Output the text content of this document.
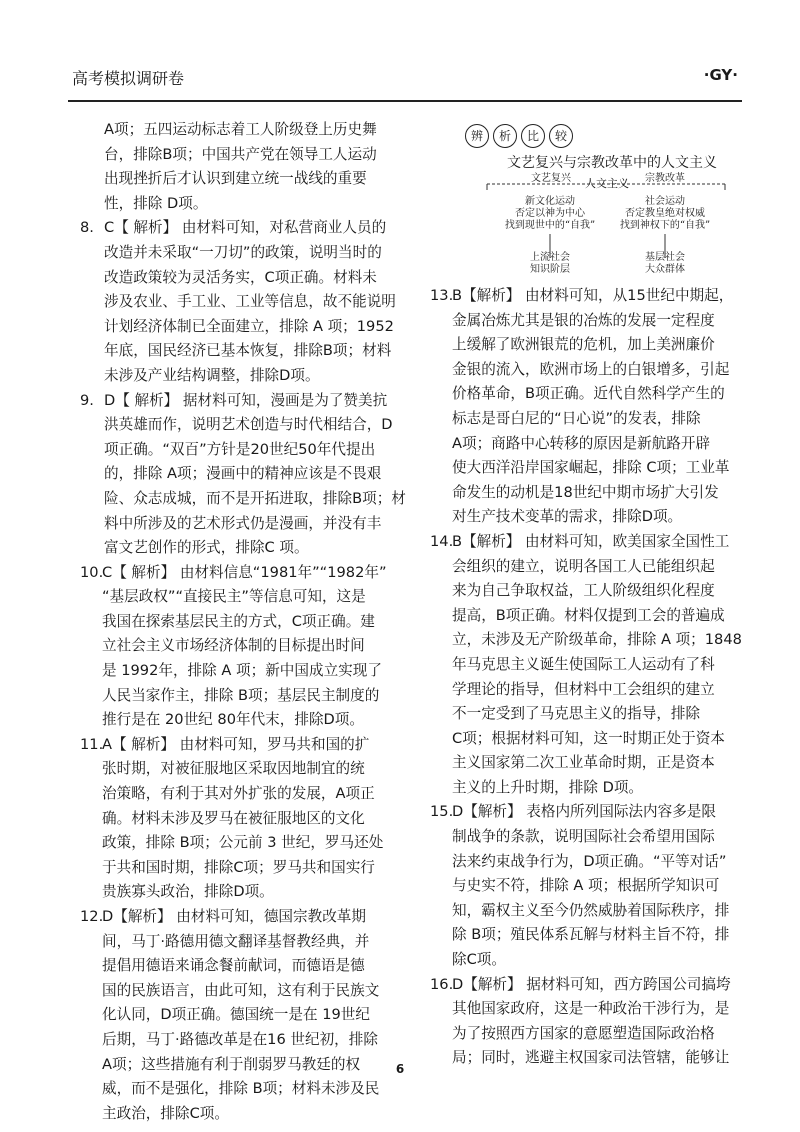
高考模拟调研卷	·GY·
A项；五四运动标志着工人阶级登上历史舞
台，排除B项；中国共产党在领导工人运动
出现挫折后才认识到建立统一战线的重要
性，排除 D项。
8. C【 解析】 由材料可知，对私营商业人员的
改造并未采取“一刀切”的政策，说明当时的
改造政策较为灵活务实，C项正确。材料未
涉及农业、手工业、工业等信息，故不能说明
计划经济体制已全面建立，排除 A 项；1952
年底，国民经济已基本恢复，排除B项；材料
未涉及产业结构调整，排除D项。
9. D【 解析】 据材料可知，漫画是为了赞美抗
洪英雄而作，说明艺术创造与时代相结合，D
项正确。“双百”方针是20世纪50年代提出
的，排除 A项；漫画中的精神应该是不畏艰
险、众志成城，而不是开拓进取，排除B项；材
料中所涉及的艺术形式仍是漫画，并没有丰
富文艺创作的形式，排除C 项。
10.
C【 解析】 由材料信息“1981年”“1982年”
“基层政权”“直接民主”等信息可知，这是
我国在探索基层民主的方式，C项正确。建
立社会主义市场经济体制的目标提出时间
是 1992年，排除 A 项；新中国成立实现了
人民当家作主，排除 B项；基层民主制度的
推行是在 20世纪 80年代末，排除D项。
11.
A【 解析】 由材料可知，罗马共和国的扩
张时期，对被征服地区采取因地制宜的统
治策略，有利于其对外扩张的发展，A项正
确。材料未涉及罗马在被征服地区的文化
政策，排除 B项；公元前 3 世纪，罗马还处
于共和国时期，排除C项；罗马共和国实行
贵族寡头政治，排除D项。
12.
D【解析】 由材料可知，德国宗教改革期
间，马丁·路德用德文翻译基督教经典，并
提倡用德语来诵念餐前献词，而德语是德
国的民族语言，由此可知，这有利于民族文
化认同，D项正确。德国统一是在 19世纪
后期，马丁·路德改革是在16 世纪初，排除
A项；这些措施有利于削弱罗马教廷的权
威，而不是强化，排除 B项；材料未涉及民
主政治，排除C项。
辨	析	比	较
文艺复兴与宗教改革中的人文主义
文艺复兴	人文主义	宗教改革
新文化运动
否定以神为中心
找到现世中的“自我”
社会运动
否定教皇绝对权威
找到神权下的“自我”
上流社会
知识阶层
基层社会
大众群体
13.
B【解析】 由材料可知，从15世纪中期起，
金属冶炼尤其是银的冶炼的发展一定程度
上缓解了欧洲银荒的危机，加上美洲廉价
金银的流入，欧洲市场上的白银增多，引起
价格革命，B项正确。近代自然科学产生的
标志是哥白尼的“日心说”的发表，排除
A项；商路中心转移的原因是新航路开辟
使大西洋沿岸国家崛起，排除 C项；工业革
命发生的动机是18世纪中期市场扩大引发
对生产技术变革的需求，排除D项。
14.
B【解析】 由材料可知，欧美国家全国性工
会组织的建立，说明各国工人已能组织起
来为自己争取权益，工人阶级组织化程度
提高，B项正确。材料仅提到工会的普遍成
立，未涉及无产阶级革命，排除 A 项；1848
年马克思主义诞生使国际工人运动有了科
学理论的指导，但材料中工会组织的建立
不一定受到了马克思主义的指导，排除
C项；根据材料可知，这一时期正处于资本
主义国家第二次工业革命时期，正是资本
主义的上升时期，排除 D项。
15.
D【解析】 表格内所列国际法内容多是限
制战争的条款，说明国际社会希望用国际
法来约束战争行为，D项正确。“平等对话”
与史实不符，排除 A 项；根据所学知识可
知，霸权主义至今仍然威胁着国际秩序，排
除 B项；殖民体系瓦解与材料主旨不符，排
除C项。
16.
D【解析】 据材料可知，西方跨国公司搞垮
其他国家政府，这是一种政治干涉行为，是
为了按照西方国家的意愿塑造国际政治格
局；同时，逃避主权国家司法管辖，能够让
6
